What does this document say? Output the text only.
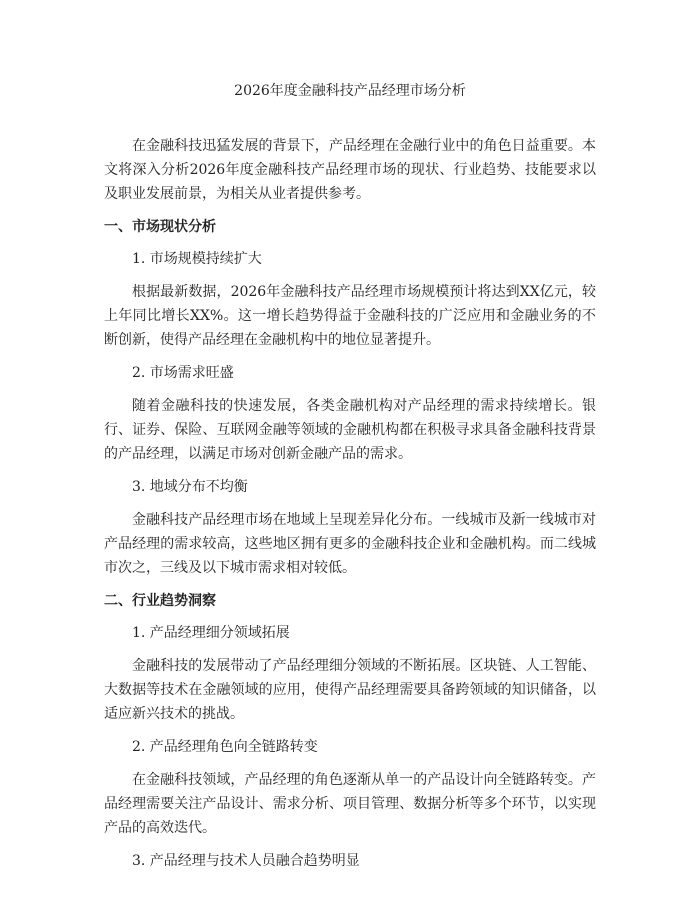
2026年度金融科技产品经理市场分析

在金融科技迅猛发展的背景下，产品经理在金融行业中的角色日益重要。本文将深入分析2026年度金融科技产品经理市场的现状、行业趋势、技能要求以及职业发展前景，为相关从业者提供参考。

一、市场现状分析
1. 市场规模持续扩大

根据最新数据，2026年金融科技产品经理市场规模预计将达到XX亿元，较上年同比增长XX%。这一增长趋势得益于金融科技的广泛应用和金融业务的不断创新，使得产品经理在金融机构中的地位显著提升。

2. 市场需求旺盛

随着金融科技的快速发展，各类金融机构对产品经理的需求持续增长。银行、证券、保险、互联网金融等领域的金融机构都在积极寻求具备金融科技背景的产品经理，以满足市场对创新金融产品的需求。

3. 地域分布不均衡

金融科技产品经理市场在地域上呈现差异化分布。一线城市及新一线城市对产品经理的需求较高，这些地区拥有更多的金融科技企业和金融机构。而二线城市次之，三线及以下城市需求相对较低。

二、行业趋势洞察
1. 产品经理细分领域拓展

金融科技的发展带动了产品经理细分领域的不断拓展。区块链、人工智能、大数据等技术在金融领域的应用，使得产品经理需要具备跨领域的知识储备，以适应新兴技术的挑战。

2. 产品经理角色向全链路转变

在金融科技领域，产品经理的角色逐渐从单一的产品设计向全链路转变。产品经理需要关注产品设计、需求分析、项目管理、数据分析等多个环节，以实现产品的高效迭代。

3. 产品经理与技术人员融合趋势明显
